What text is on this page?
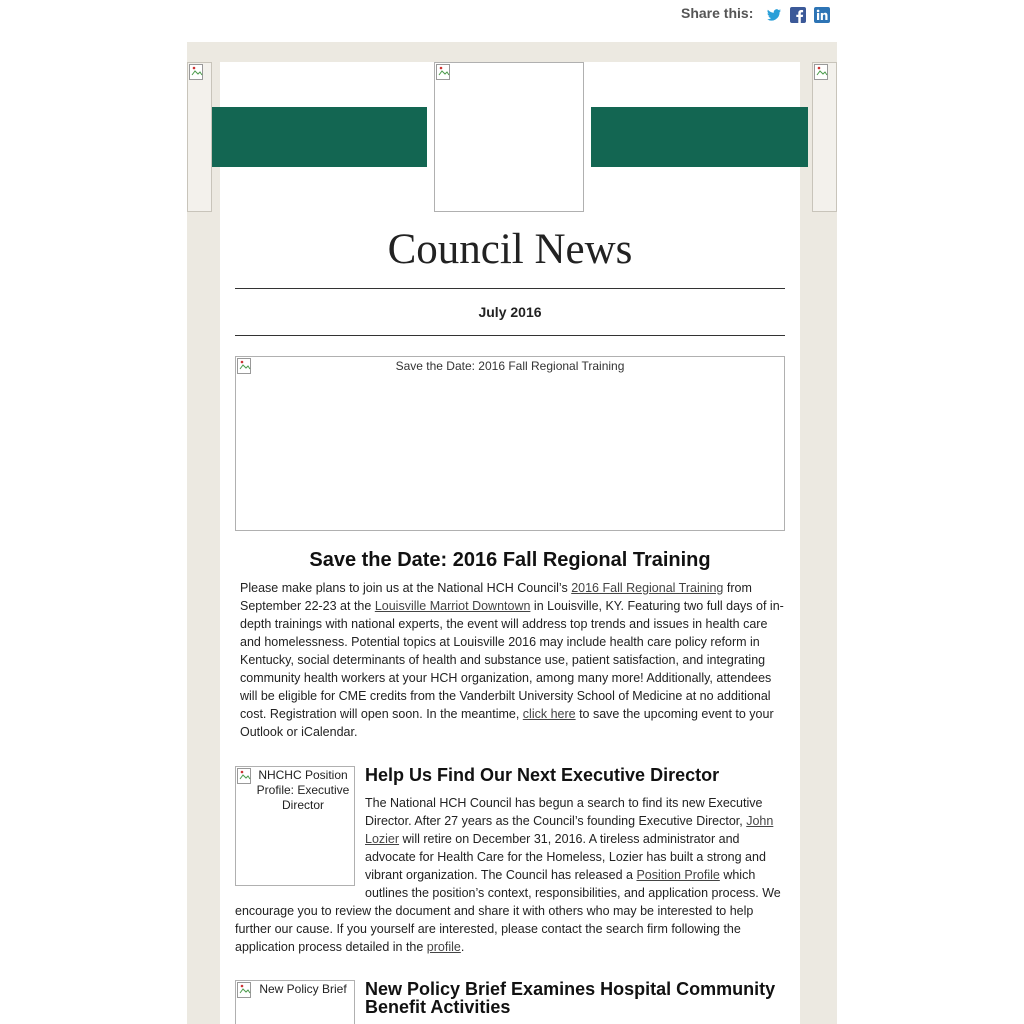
Share this:
Council News
July 2016
Save the Date: 2016 Fall Regional Training
Save the Date: 2016 Fall Regional Training
Please make plans to join us at the National HCH Council’s 2016 Fall Regional Training from September 22-23 at the Louisville Marriot Downtown in Louisville, KY. Featuring two full days of in-depth trainings with national experts, the event will address top trends and issues in health care and homelessness. Potential topics at Louisville 2016 may include health care policy reform in Kentucky, social determinants of health and substance use, patient satisfaction, and integrating community health workers at your HCH organization, among many more! Additionally, attendees will be eligible for CME credits from the Vanderbilt University School of Medicine at no additional cost. Registration will open soon. In the meantime, click here to save the upcoming event to your Outlook or iCalendar.
NHCHC Position Profile: Executive Director
Help Us Find Our Next Executive Director
The National HCH Council has begun a search to find its new Executive Director. After 27 years as the Council’s founding Executive Director, John Lozier will retire on December 31, 2016. A tireless administrator and advocate for Health Care for the Homeless, Lozier has built a strong and vibrant organization. The Council has released a Position Profile which outlines the position’s context, responsibilities, and application process. We encourage you to review the document and share it with others who may be interested to help further our cause. If you yourself are interested, please contact the search firm following the application process detailed in the profile.
New Policy Brief	New Policy Brief Examines Hospital Community Benefit Activities
